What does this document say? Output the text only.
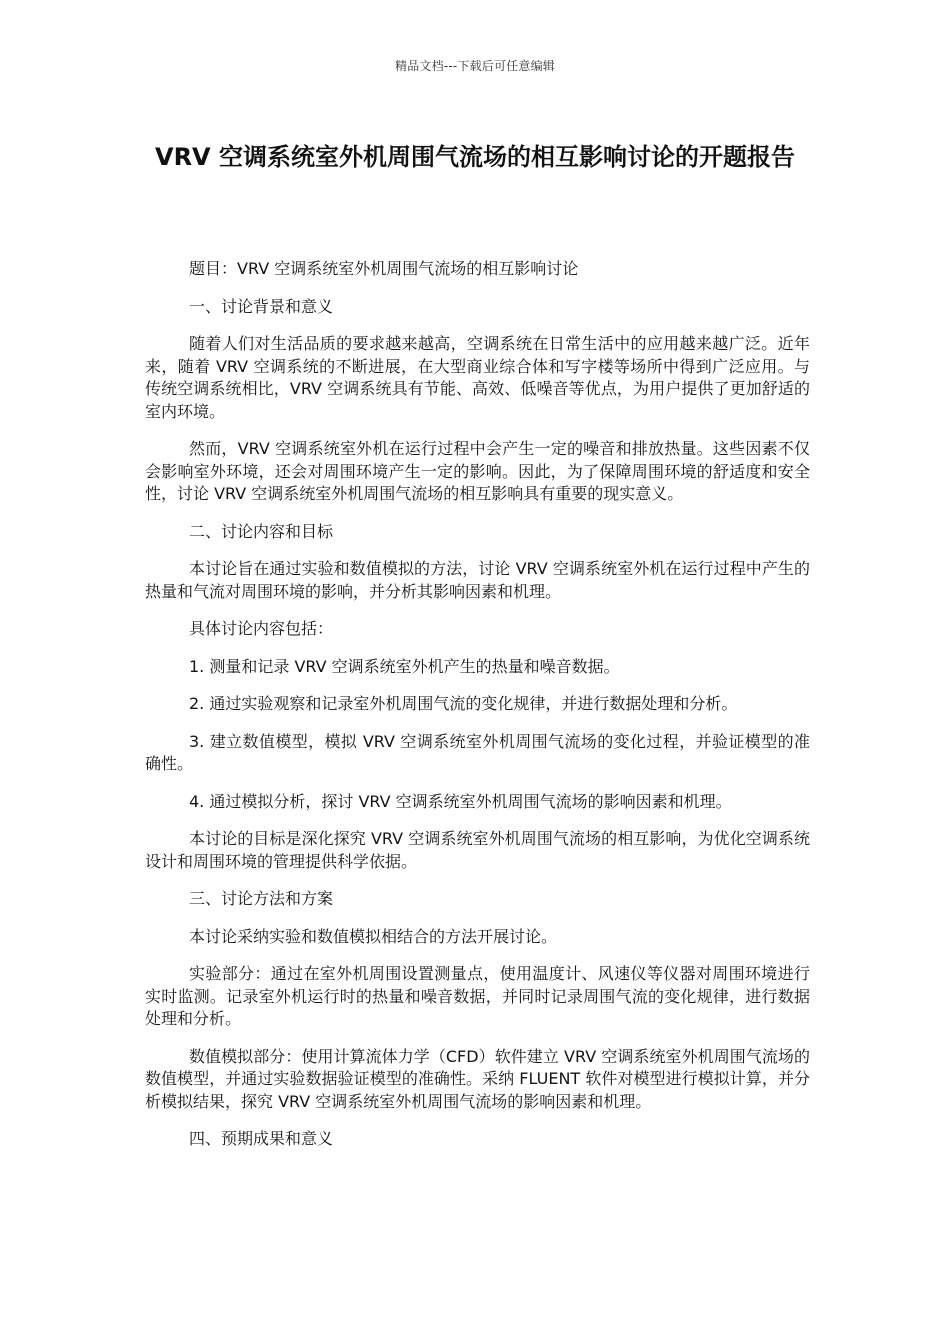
精品文档---下载后可任意编辑
VRV 空调系统室外机周围气流场的相互影响讨论的开题报告

题目：VRV 空调系统室外机周围气流场的相互影响讨论

一、讨论背景和意义

随着人们对生活品质的要求越来越高，空调系统在日常生活中的应用越来越广泛。近年来，随着 VRV 空调系统的不断进展，在大型商业综合体和写字楼等场所中得到广泛应用。与传统空调系统相比，VRV 空调系统具有节能、高效、低噪音等优点，为用户提供了更加舒适的室内环境。

然而，VRV 空调系统室外机在运行过程中会产生一定的噪音和排放热量。这些因素不仅会影响室外环境，还会对周围环境产生一定的影响。因此，为了保障周围环境的舒适度和安全性，讨论 VRV 空调系统室外机周围气流场的相互影响具有重要的现实意义。

二、讨论内容和目标

本讨论旨在通过实验和数值模拟的方法，讨论 VRV 空调系统室外机在运行过程中产生的热量和气流对周围环境的影响，并分析其影响因素和机理。

具体讨论内容包括：

1. 测量和记录 VRV 空调系统室外机产生的热量和噪音数据。

2. 通过实验观察和记录室外机周围气流的变化规律，并进行数据处理和分析。

3. 建立数值模型，模拟 VRV 空调系统室外机周围气流场的变化过程，并验证模型的准确性。

4. 通过模拟分析，探讨 VRV 空调系统室外机周围气流场的影响因素和机理。

本讨论的目标是深化探究 VRV 空调系统室外机周围气流场的相互影响，为优化空调系统设计和周围环境的管理提供科学依据。

三、讨论方法和方案

本讨论采纳实验和数值模拟相结合的方法开展讨论。

实验部分：通过在室外机周围设置测量点，使用温度计、风速仪等仪器对周围环境进行实时监测。记录室外机运行时的热量和噪音数据，并同时记录周围气流的变化规律，进行数据处理和分析。

数值模拟部分：使用计算流体力学（CFD）软件建立 VRV 空调系统室外机周围气流场的数值模型，并通过实验数据验证模型的准确性。采纳 FLUENT 软件对模型进行模拟计算，并分析模拟结果，探究 VRV 空调系统室外机周围气流场的影响因素和机理。

四、预期成果和意义
